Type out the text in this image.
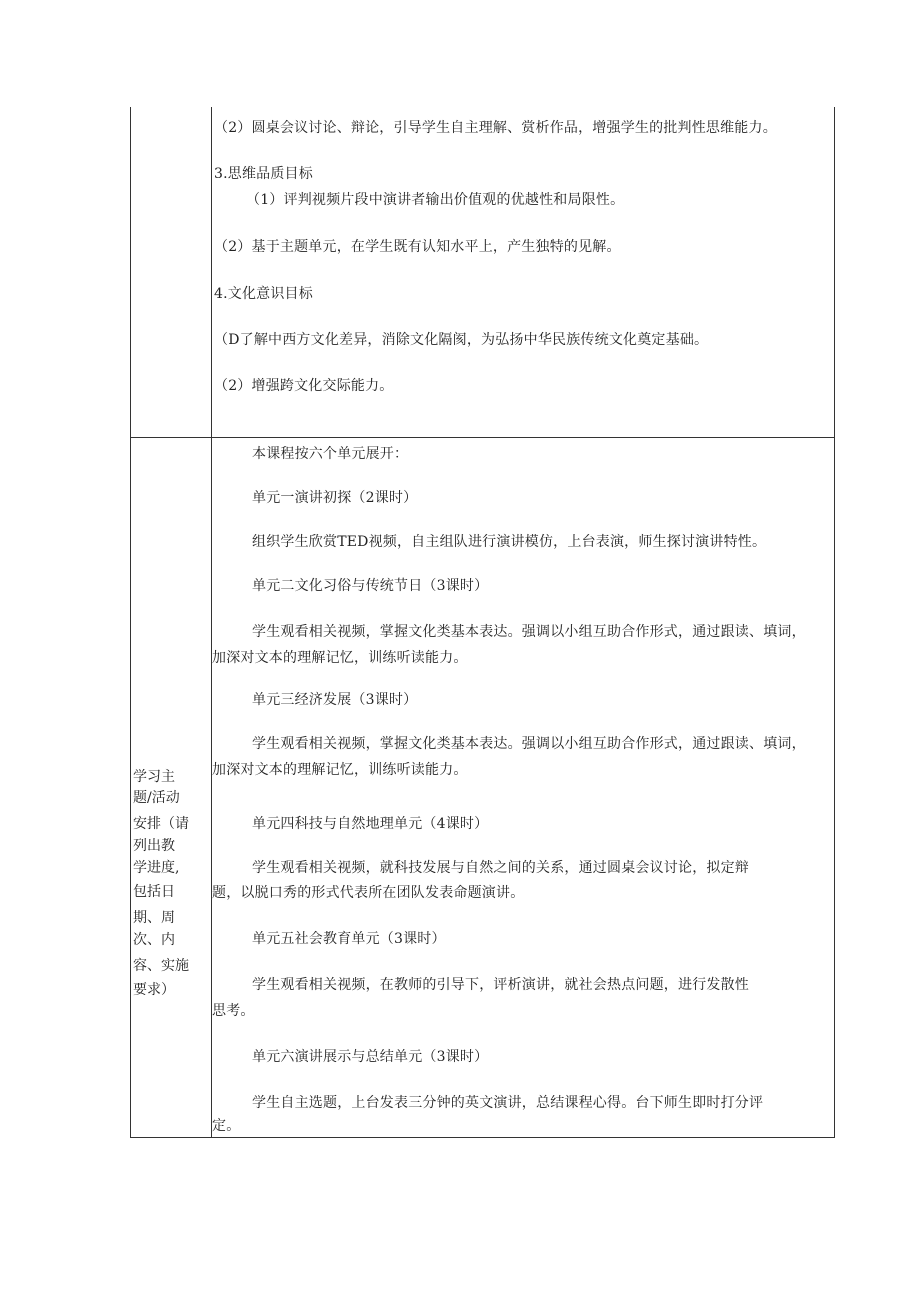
（2）圆桌会议讨论、辩论，引导学生自主理解、赏析作品，增强学生的批判性思维能力。
3.思维品质目标
（1）评判视频片段中演讲者输出价值观的优越性和局限性。
（2）基于主题单元，在学生既有认知水平上，产生独特的见解。
4.文化意识目标
（D了解中西方文化差异，消除文化隔阂，为弘扬中华民族传统文化奠定基础。
（2）增强跨文化交际能力。
学习主
题/活动
安排（请
列出教
学进度,
包括日
期、周
次、内
容、实施
要求）
本课程按六个单元展开：
单元一演讲初探（2课时）
组织学生欣赏TED视频，自主组队进行演讲模仿，上台表演，师生探讨演讲特性。
单元二文化习俗与传统节日（3课时）
学生观看相关视频，掌握文化类基本表达。强调以小组互助合作形式，通过跟读、填词，
加深对文本的理解记忆，训练听读能力。
单元三经济发展（3课时）
学生观看相关视频，掌握文化类基本表达。强调以小组互助合作形式，通过跟读、填词，
加深对文本的理解记忆，训练听读能力。
单元四科技与自然地理单元（4课时）
学生观看相关视频，就科技发展与自然之间的关系，通过圆桌会议讨论，拟定辩
题，以脱口秀的形式代表所在团队发表命题演讲。
单元五社会教育单元（3课时）
学生观看相关视频，在教师的引导下，评析演讲，就社会热点问题，进行发散性
思考。
单元六演讲展示与总结单元（3课时）
学生自主选题，上台发表三分钟的英文演讲，总结课程心得。台下师生即时打分评
定。
